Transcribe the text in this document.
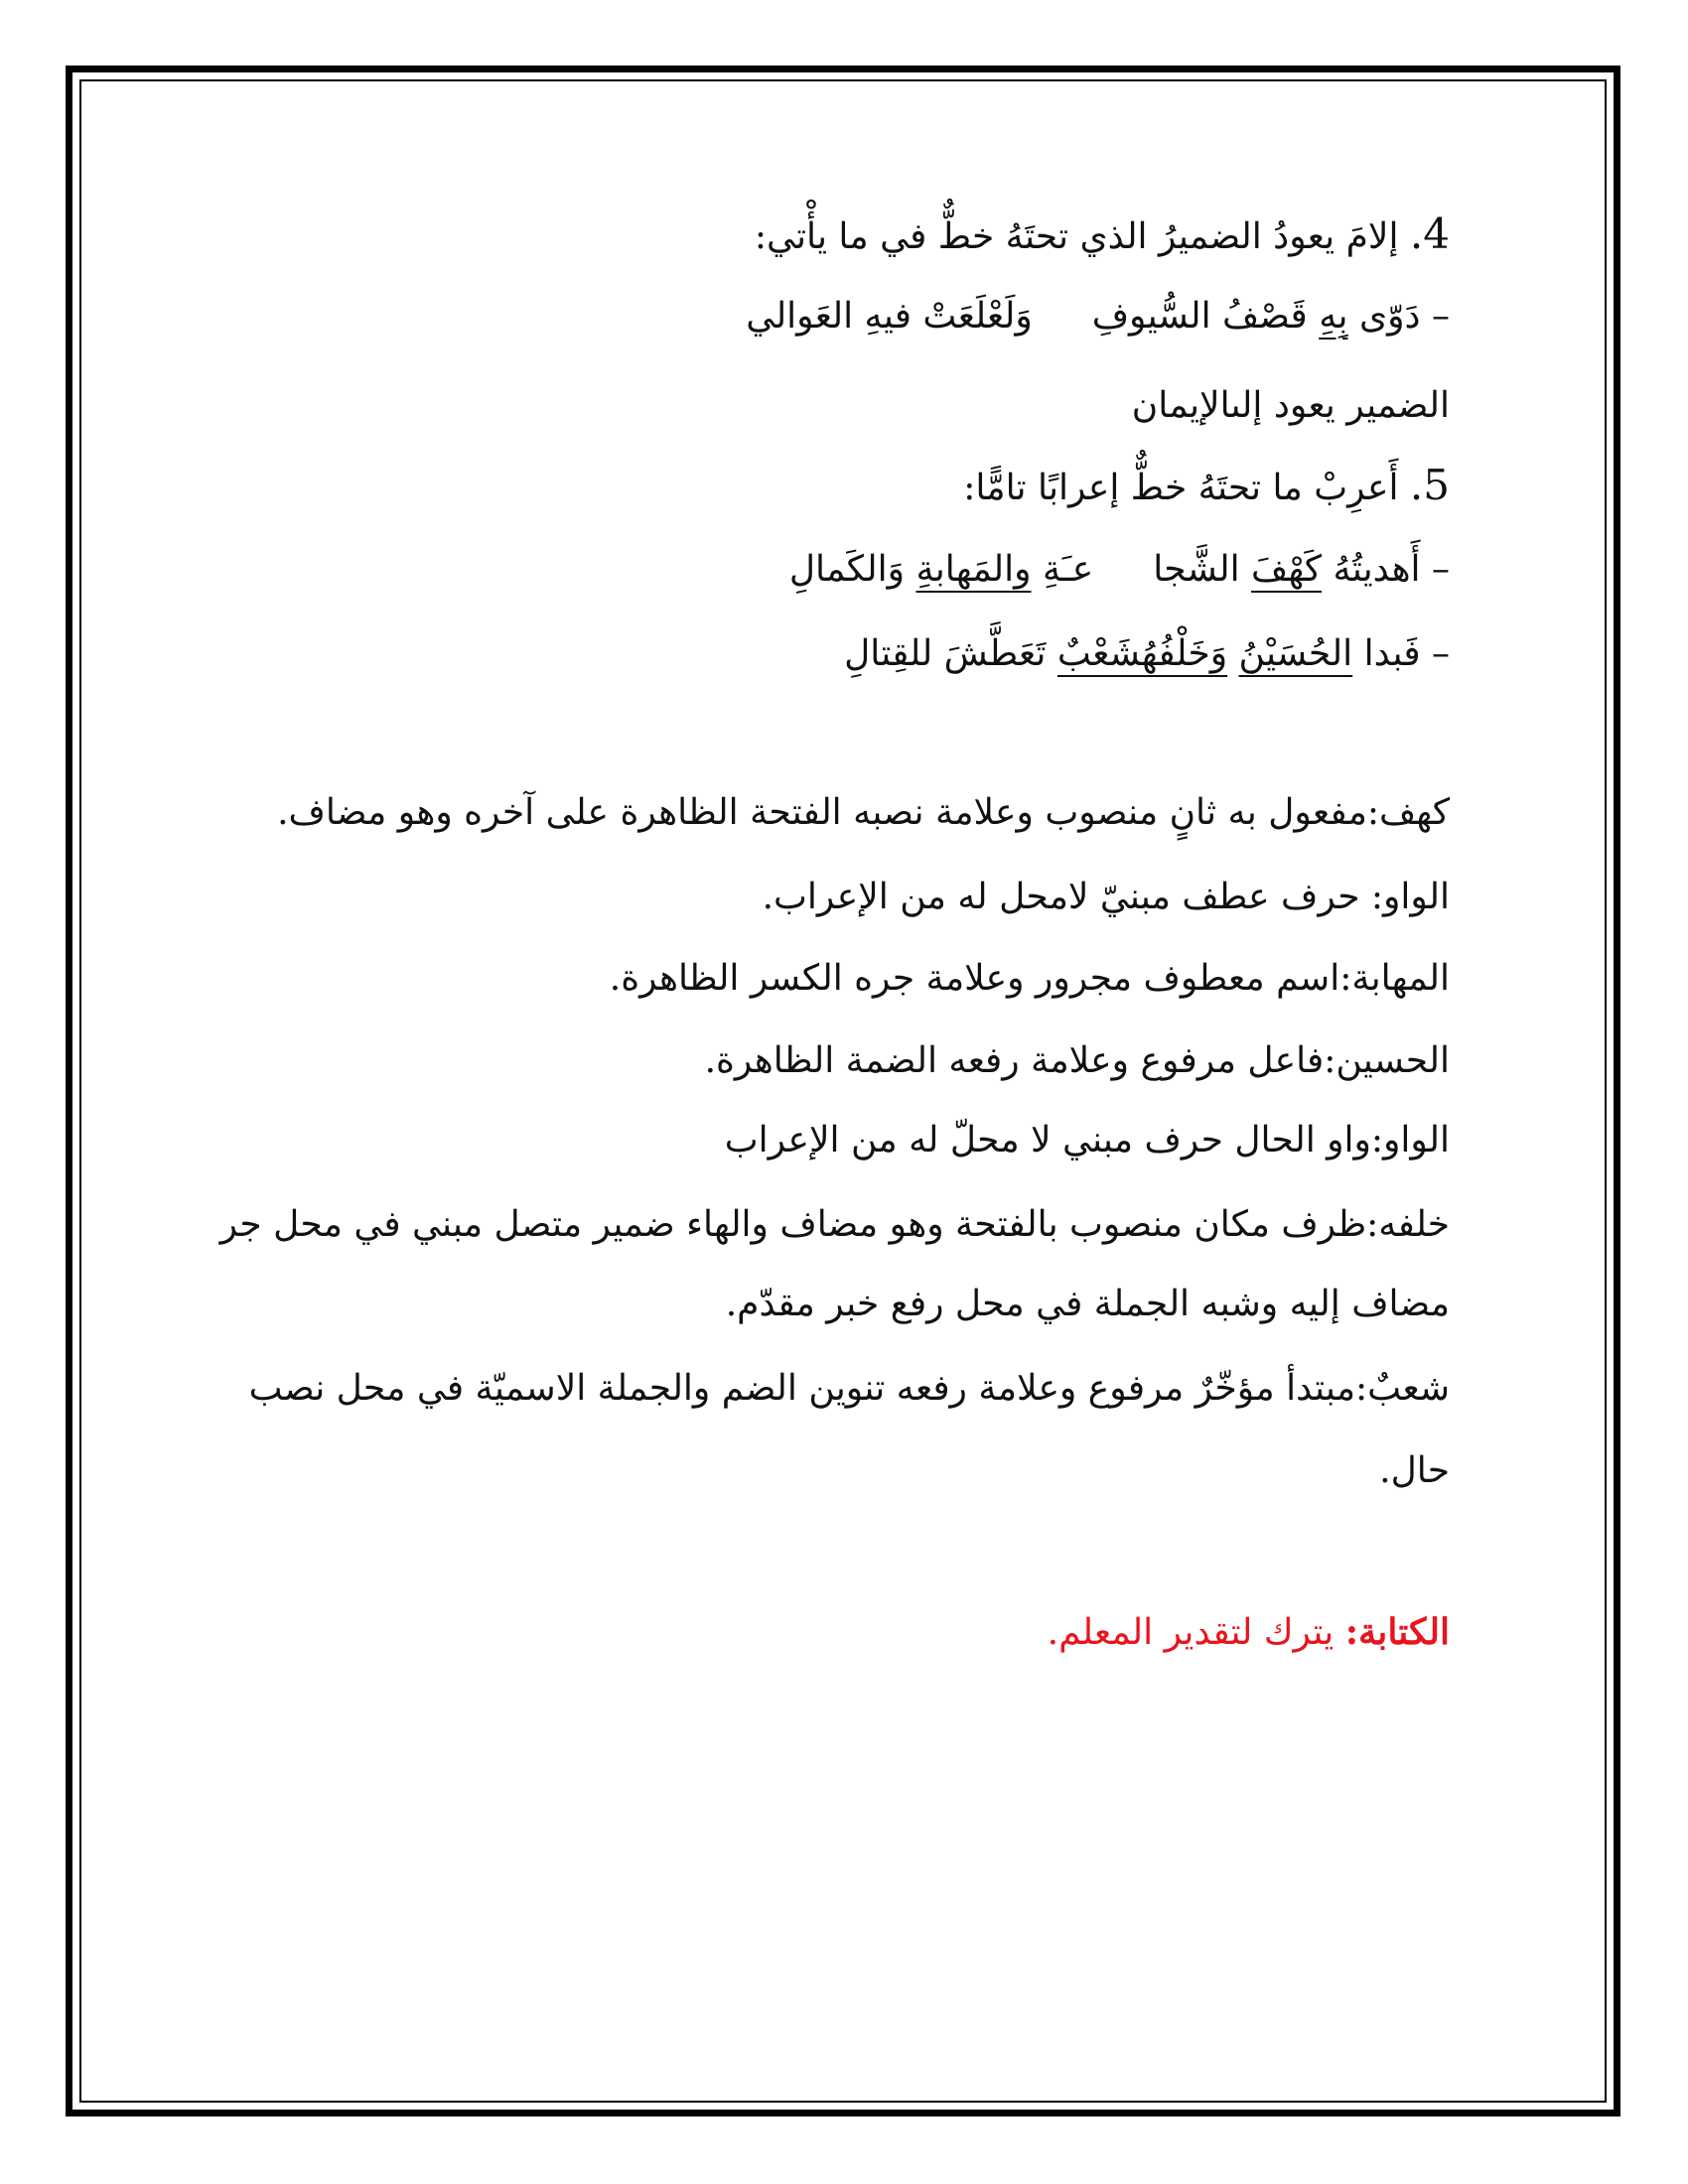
4. إلامَ يعودُ الضميرُ الذي تحتَهُ خطٌّ في ما يأْتي:
– دَوّى بِهِ قَصْفُ السُّيوفِوَلَعْلَعَتْ فيهِ العَوالي
الضمير يعود إلىالإيمان
5. أَعرِبْ ما تحتَهُ خطٌّ إعرابًا تامًّا:
– أَهديتُهُ كَهْفَ الشَّجاعـَةِ والمَهابةِ وَالكَمالِ
– فَبدا الحُسَيْنُ وَخَلْفُهُشَعْبٌ تَعَطَّشَ للقِتالِ
كهف:مفعول به ثانٍ منصوب وعلامة نصبه الفتحة الظاهرة على آخره وهو مضاف.
الواو: حرف عطف مبنيّ لامحل له من الإعراب.
المهابة:اسم معطوف مجرور وعلامة جره الكسر الظاهرة.
الحسين:فاعل مرفوع وعلامة رفعه الضمة الظاهرة.
الواو:واو الحال حرف مبني لا محلّ له من الإعراب
خلفه:ظرف مكان منصوب بالفتحة وهو مضاف والهاء ضمير متصل مبني في محل جر
مضاف إليه وشبه الجملة في محل رفع خبر مقدّم.
شعبٌ:مبتدأ مؤخّرٌ مرفوع وعلامة رفعه تنوين الضم والجملة الاسميّة في محل نصب
حال.
الكتابة: يترك لتقدير المعلم.
